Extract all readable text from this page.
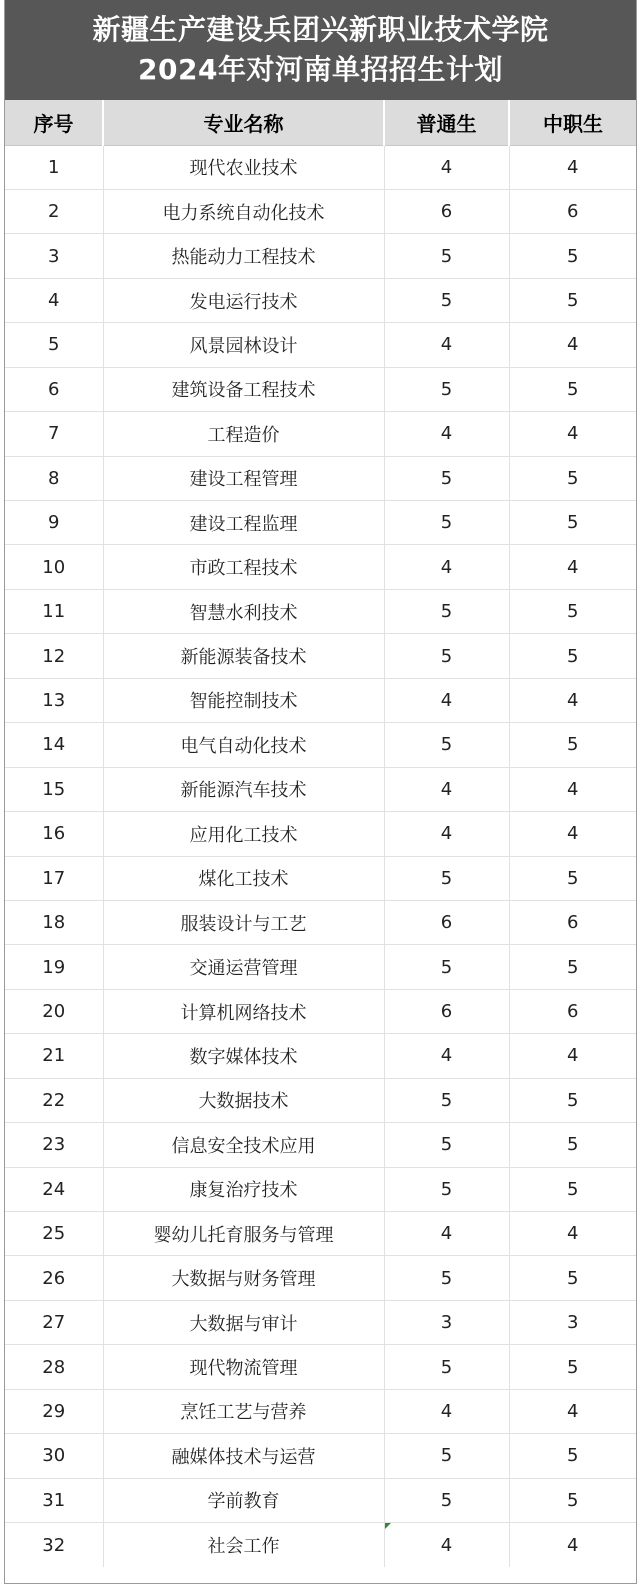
新疆生产建设兵团兴新职业技术学院
2024年对河南单招招生计划
序号	专业名称	普通生	中职生
1	现代农业技术	4	4
2	电力系统自动化技术	6	6
3	热能动力工程技术	5	5
4	发电运行技术	5	5
5	风景园林设计	4	4
6	建筑设备工程技术	5	5
7	工程造价	4	4
8	建设工程管理	5	5
9	建设工程监理	5	5
10	市政工程技术	4	4
11	智慧水利技术	5	5
12	新能源装备技术	5	5
13	智能控制技术	4	4
14	电气自动化技术	5	5
15	新能源汽车技术	4	4
16	应用化工技术	4	4
17	煤化工技术	5	5
18	服装设计与工艺	6	6
19	交通运营管理	5	5
20	计算机网络技术	6	6
21	数字媒体技术	4	4
22	大数据技术	5	5
23	信息安全技术应用	5	5
24	康复治疗技术	5	5
25	婴幼儿托育服务与管理	4	4
26	大数据与财务管理	5	5
27	大数据与审计	3	3
28	现代物流管理	5	5
29	烹饪工艺与营养	4	4
30	融媒体技术与运营	5	5
31	学前教育	5	5
32	社会工作	4	4
